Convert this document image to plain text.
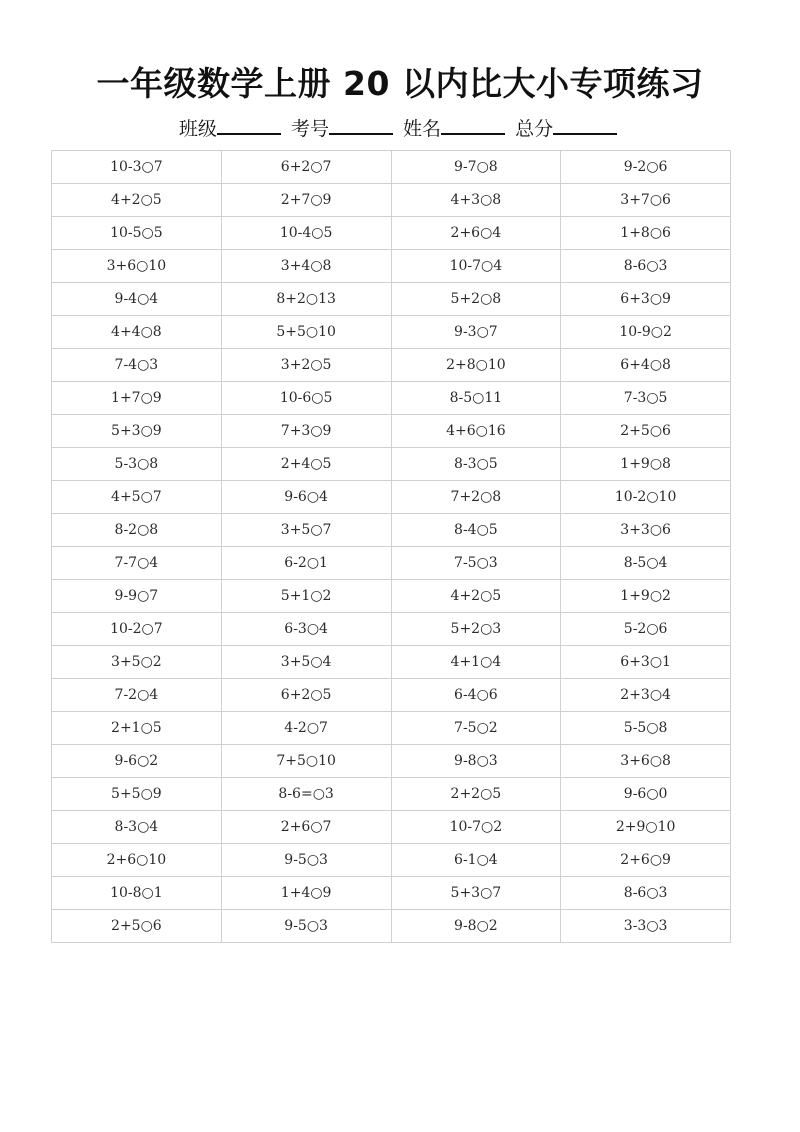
一年级数学上册 20 以内比大小专项练习
班级	考号	姓名	总分
10-3○7	6+2○7	9-7○8	9-2○6
4+2○5	2+7○9	4+3○8	3+7○6
10-5○5	10-4○5	2+6○4	1+8○6
3+6○10	3+4○8	10-7○4	8-6○3
9-4○4	8+2○13	5+2○8	6+3○9
4+4○8	5+5○10	9-3○7	10-9○2
7-4○3	3+2○5	2+8○10	6+4○8
1+7○9	10-6○5	8-5○11	7-3○5
5+3○9	7+3○9	4+6○16	2+5○6
5-3○8	2+4○5	8-3○5	1+9○8
4+5○7	9-6○4	7+2○8	10-2○10
8-2○8	3+5○7	8-4○5	3+3○6
7-7○4	6-2○1	7-5○3	8-5○4
9-9○7	5+1○2	4+2○5	1+9○2
10-2○7	6-3○4	5+2○3	5-2○6
3+5○2	3+5○4	4+1○4	6+3○1
7-2○4	6+2○5	6-4○6	2+3○4
2+1○5	4-2○7	7-5○2	5-5○8
9-6○2	7+5○10	9-8○3	3+6○8
5+5○9	8-6=○3	2+2○5	9-6○0
8-3○4	2+6○7	10-7○2	2+9○10
2+6○10	9-5○3	6-1○4	2+6○9
10-8○1	1+4○9	5+3○7	8-6○3
2+5○6	9-5○3	9-8○2	3-3○3
